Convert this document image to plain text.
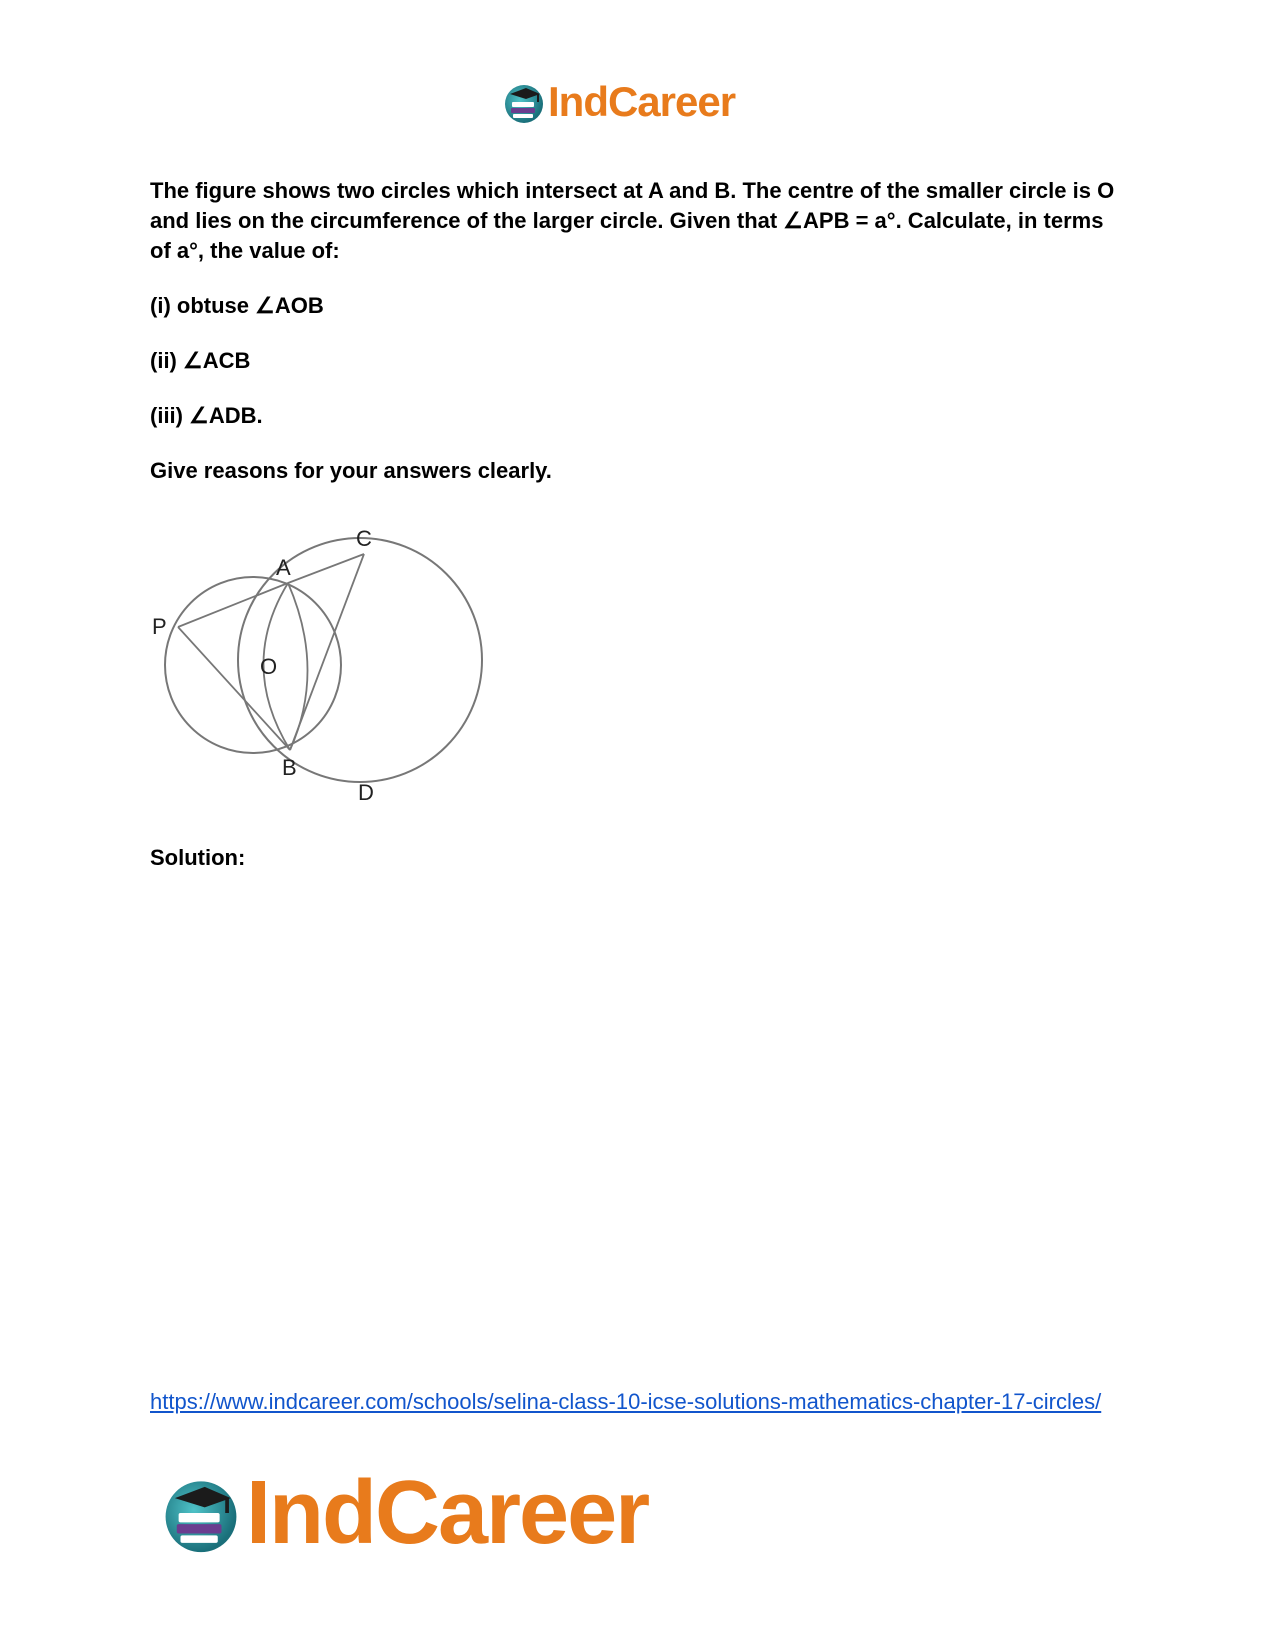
IndCareer

The figure shows two circles which intersect at A and B. The centre of the smaller circle is O and lies on the circumference of the larger circle. Given that ∠APB = a°. Calculate, in terms of a°, the value of:

(i) obtuse ∠AOB

(ii) ∠ACB

(iii) ∠ADB.

Give reasons for your answers clearly.

C
A
P
O
B
D

Solution:

https://www.indcareer.com/schools/selina-class-10-icse-solutions-mathematics-chapter-17-circles/
IndCareer
